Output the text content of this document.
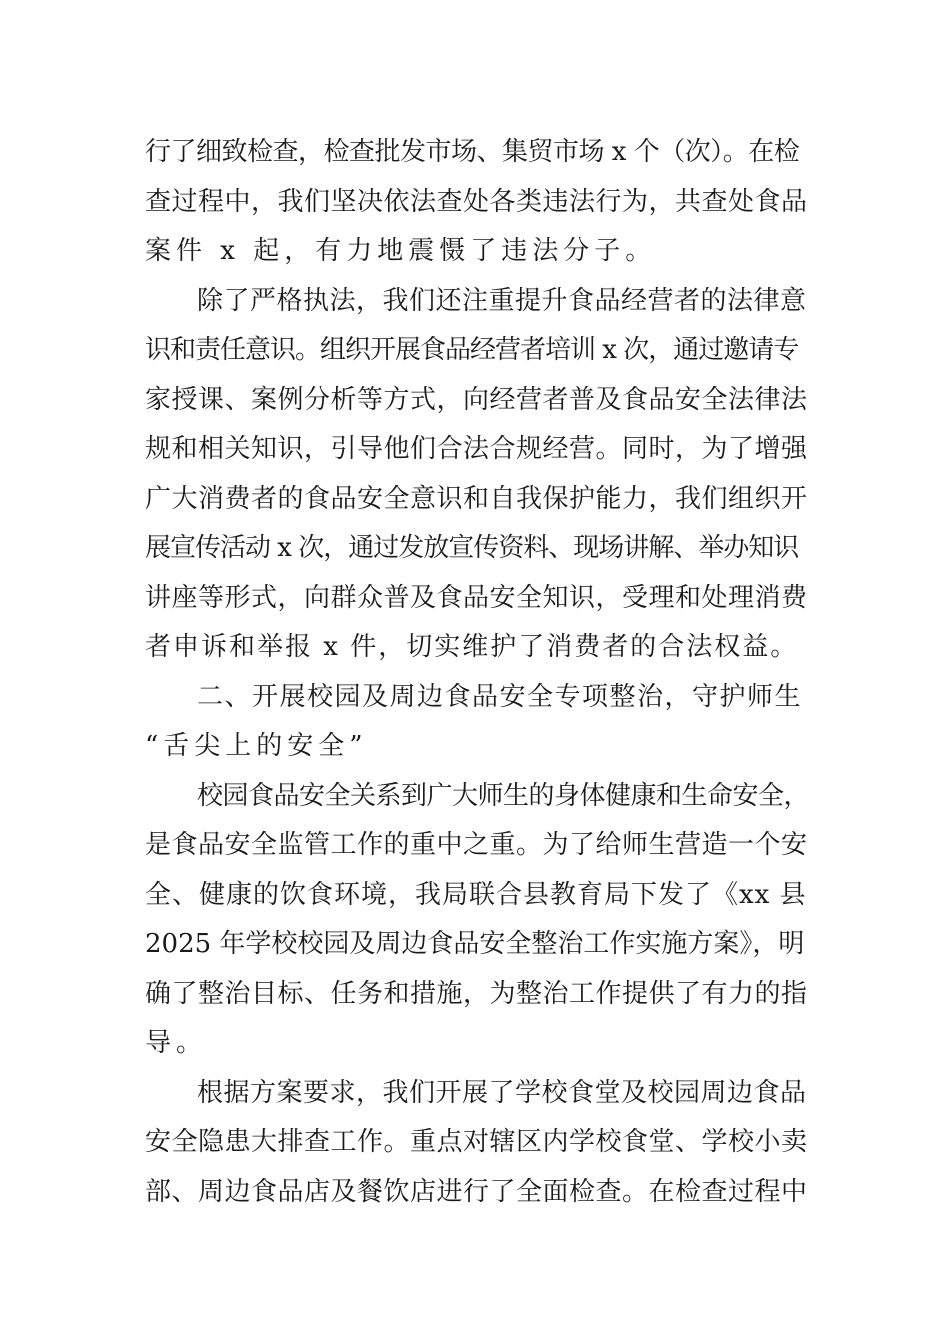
行了细致检查，检查批发市场、集贸市场 x 个（次）。在检

查过程中，我们坚决依法查处各类违法行为，共查处食品

案件 x 起，有力地震慑了违法分子。

除了严格执法，我们还注重提升食品经营者的法律意

识和责任意识。组织开展食品经营者培训 x 次，通过邀请专

家授课、案例分析等方式，向经营者普及食品安全法律法

规和相关知识，引导他们合法合规经营。同时，为了增强

广大消费者的食品安全意识和自我保护能力，我们组织开

展宣传活动 x 次，通过发放宣传资料、现场讲解、举办知识

讲座等形式，向群众普及食品安全知识，受理和处理消费

者申诉和举报 x 件，切实维护了消费者的合法权益。

二、开展校园及周边食品安全专项整治，守护师生

“舌尖上的安全”

校园食品安全关系到广大师生的身体健康和生命安全，

是食品安全监管工作的重中之重。为了给师生营造一个安

全、健康的饮食环境，我局联合县教育局下发了《xx 县

2025 年学校校园及周边食品安全整治工作实施方案》，明

确了整治目标、任务和措施，为整治工作提供了有力的指

导。

根据方案要求，我们开展了学校食堂及校园周边食品

安全隐患大排查工作。重点对辖区内学校食堂、学校小卖

部、周边食品店及餐饮店进行了全面检查。在检查过程中
